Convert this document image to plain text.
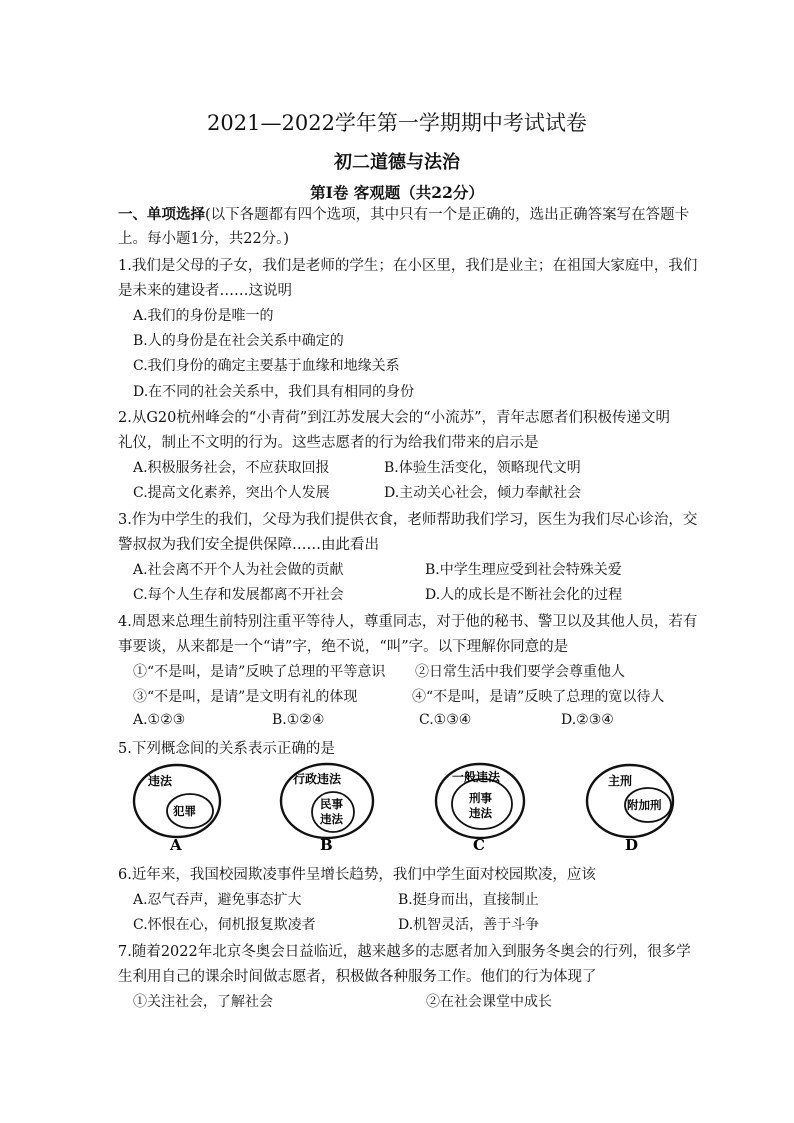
2021—2022学年第一学期期中考试试卷
初二道德与法治
第Ⅰ卷 客观题（共22分）
一、单项选择(以下各题都有四个选项，其中只有一个是正确的，选出正确答案写在答题卡
上。每小题1分，共22分。)
1.我们是父母的子女，我们是老师的学生；在小区里，我们是业主；在祖国大家庭中，我们
是未来的建设者……这说明
A.我们的身份是唯一的
B.人的身份是在社会关系中确定的
C.我们身份的确定主要基于血缘和地缘关系
D.在不同的社会关系中，我们具有相同的身份
2.从G20杭州峰会的“小青荷”到江苏发展大会的“小流苏”，青年志愿者们积极传递文明
礼仪，制止不文明的行为。这些志愿者的行为给我们带来的启示是
A.积极服务社会，不应获取回报	B.体验生活变化，领略现代文明
C.提高文化素养，突出个人发展	D.主动关心社会，倾力奉献社会
3.作为中学生的我们，父母为我们提供衣食，老师帮助我们学习，医生为我们尽心诊治，交
警叔叔为我们安全提供保障……由此看出
A.社会离不开个人为社会做的贡献	B.中学生理应受到社会特殊关爱
C.每个人生存和发展都离不开社会	D.人的成长是不断社会化的过程
4.周恩来总理生前特别注重平等待人，尊重同志，对于他的秘书、警卫以及其他人员，若有
事要谈，从来都是一个“请”字，绝不说，“叫”字。以下理解你同意的是
①“不是叫，是请”反映了总理的平等意识 ②日常生活中我们要学会尊重他人
③“不是叫，是请”是文明有礼的体现	④“不是叫，是请”反映了总理的宽以待人
A.①②③	B.①②④	C.①③④	D.②③④
5.下列概念间的关系表示正确的是
违法
犯罪
A
行政违法
民事
违法
B
一般违法
刑事
违法
C
主刑
附加刑
D
6.近年来，我国校园欺凌事件呈增长趋势，我们中学生面对校园欺凌，应该
A.忍气吞声，避免事态扩大	B.挺身而出，直接制止
C.怀恨在心，伺机报复欺凌者	D.机智灵活，善于斗争
7.随着2022年北京冬奥会日益临近，越来越多的志愿者加入到服务冬奥会的行列，很多学
生利用自己的课余时间做志愿者，积极做各种服务工作。他们的行为体现了
①关注社会，了解社会	②在社会课堂中成长
